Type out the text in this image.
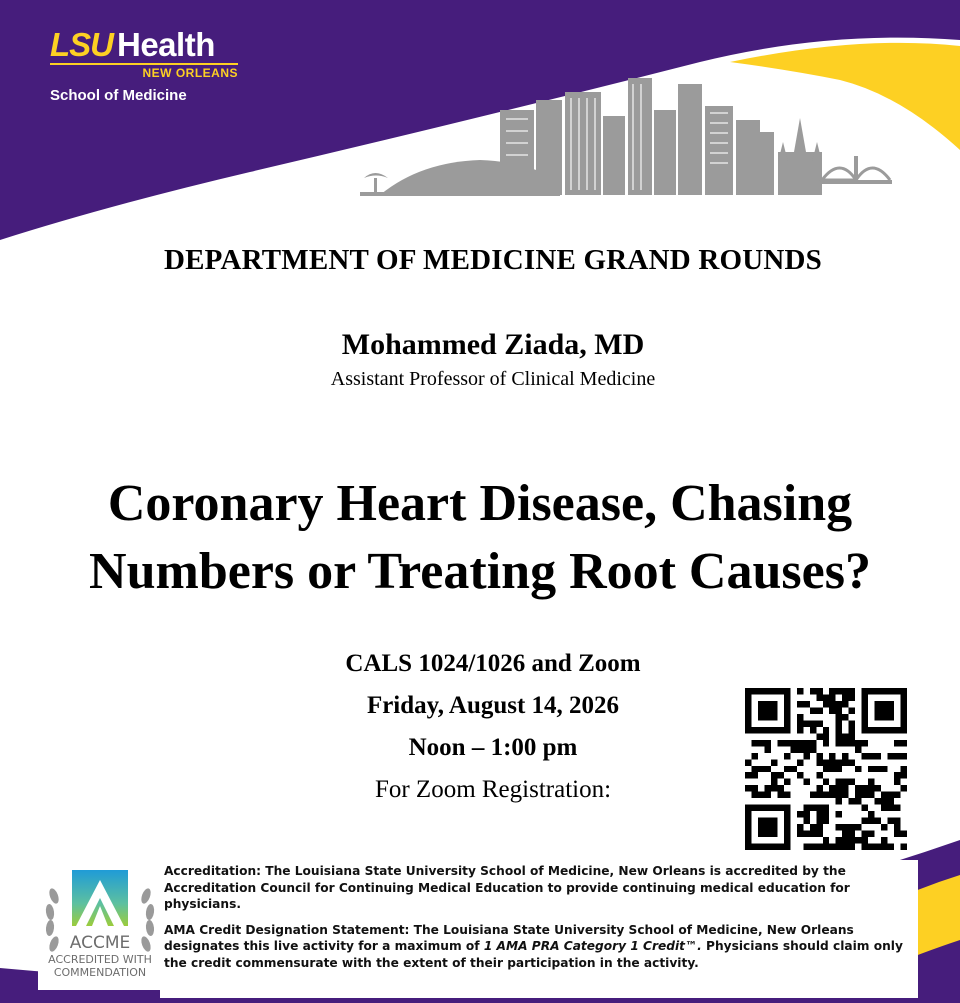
LSU Health
NEW ORLEANS
School of Medicine
DEPARTMENT OF MEDICINE GRAND ROUNDS
Mohammed Ziada, MD
Assistant Professor of Clinical Medicine
Coronary Heart Disease, Chasing
Numbers or Treating Root Causes?
CALS 1024/1026 and Zoom
Friday, August 14, 2026
Noon – 1:00 pm
For Zoom Registration:

Accreditation: The Louisiana State University School of Medicine, New Orleans is accredited by the Accreditation Council for Continuing Medical Education to provide continuing medical education for physicians.

AMA Credit Designation Statement: The Louisiana State University School of Medicine, New Orleans designates this live activity for a maximum of 1 AMA PRA Category 1 Credit™. Physicians should claim only the credit commensurate with the extent of their participation in the activity.

ACCME
ACCREDITED WITH
COMMENDATION
